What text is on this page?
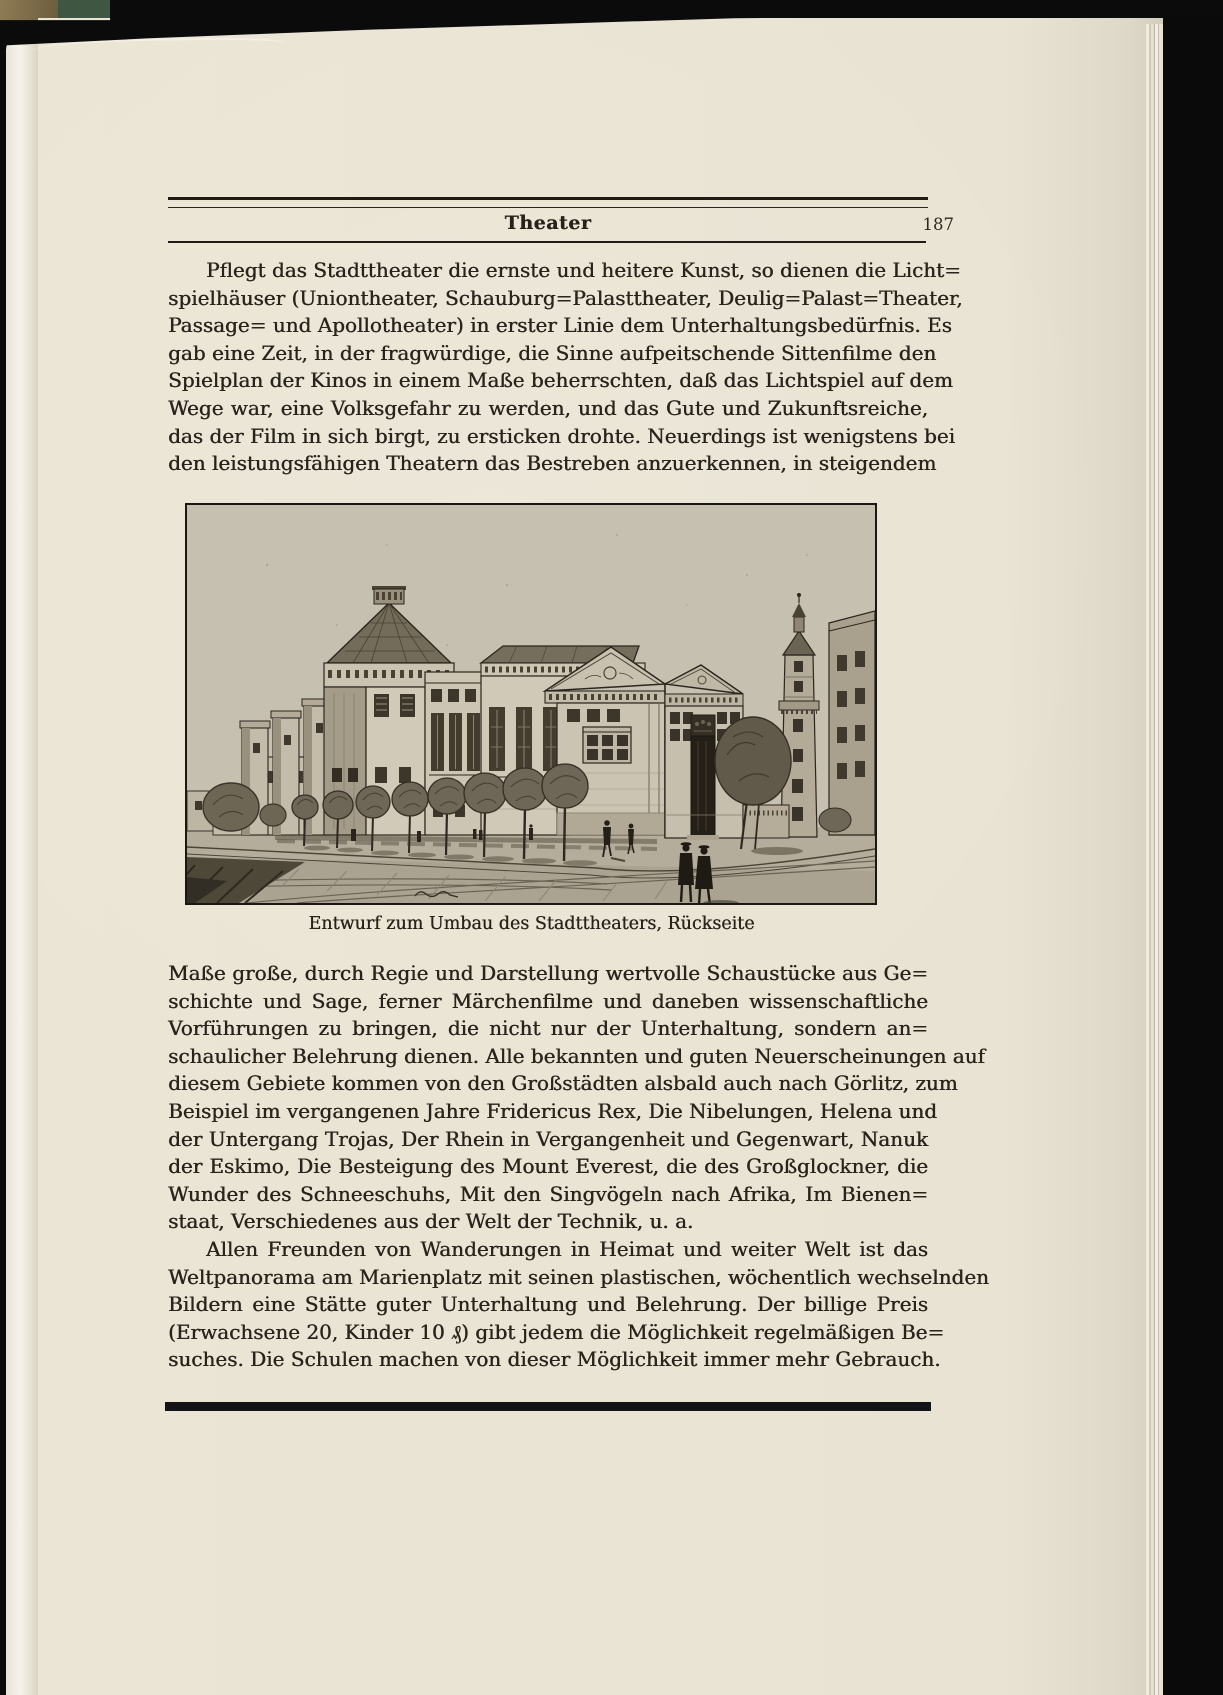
Theater	187
Pflegt das Stadttheater die ernste und heitere Kunst, so dienen die Licht=
spielhäuser (Uniontheater, Schauburg=Palasttheater, Deulig=Palast=Theater,
Passage= und Apollotheater) in erster Linie dem Unterhaltungsbedürfnis. Es
gab eine Zeit, in der fragwürdige, die Sinne aufpeitschende Sittenfilme den
Spielplan der Kinos in einem Maße beherrschten, daß das Lichtspiel auf dem
Wege war, eine Volksgefahr zu werden, und das Gute und Zukunftsreiche,
das der Film in sich birgt, zu ersticken drohte. Neuerdings ist wenigstens bei
den leistungsfähigen Theatern das Bestreben anzuerkennen, in steigendem
Maße große, durch Regie und Darstellung wertvolle Schaustücke aus Ge=
schichte und Sage, ferner Märchenfilme und daneben wissenschaftliche
Vorführungen zu bringen, die nicht nur der Unterhaltung, sondern an=
schaulicher Belehrung dienen. Alle bekannten und guten Neuerscheinungen auf
diesem Gebiete kommen von den Großstädten alsbald auch nach Görlitz, zum
Beispiel im vergangenen Jahre Fridericus Rex, Die Nibelungen, Helena und
der Untergang Trojas, Der Rhein in Vergangenheit und Gegenwart, Nanuk
der Eskimo, Die Besteigung des Mount Everest, die des Großglockner, die
Wunder des Schneeschuhs, Mit den Singvögeln nach Afrika, Im Bienen=
staat, Verschiedenes aus der Welt der Technik, u. a.
Allen Freunden von Wanderungen in Heimat und weiter Welt ist das
Weltpanorama am Marienplatz mit seinen plastischen, wöchentlich wechselnden
Bildern eine Stätte guter Unterhaltung und Belehrung. Der billige Preis
(Erwachsene 20, Kinder 10 ₰) gibt jedem die Möglichkeit regelmäßigen Be=
suches. Die Schulen machen von dieser Möglichkeit immer mehr Gebrauch.
Entwurf zum Umbau des Stadttheaters, Rückseite
